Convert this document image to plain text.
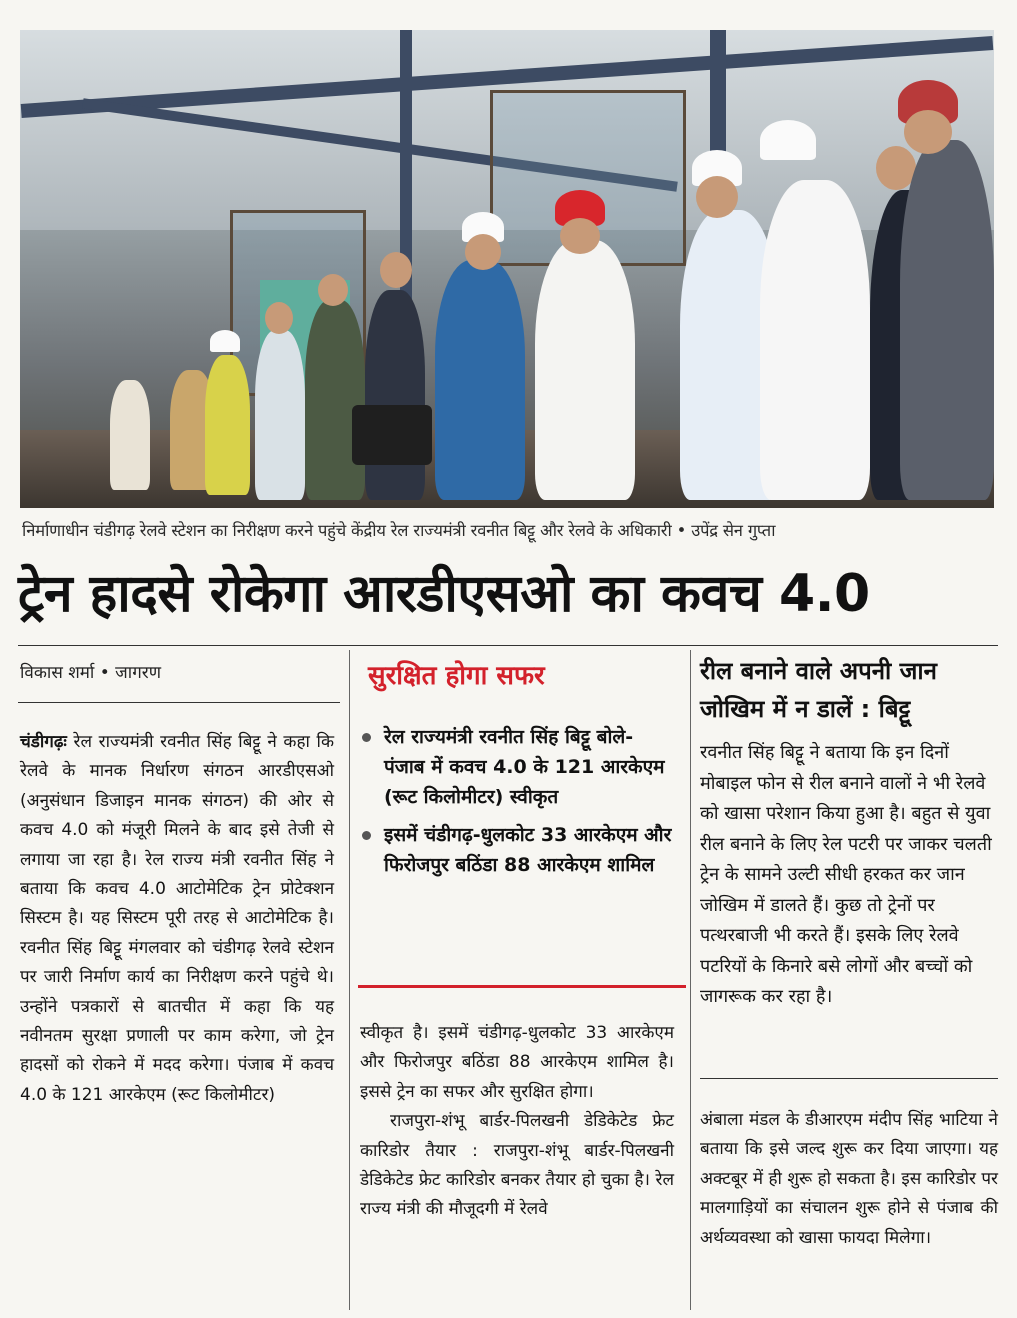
निर्माणाधीन चंडीगढ़ रेलवे स्टेशन का निरीक्षण करने पहुंचे केंद्रीय रेल राज्यमंत्री रवनीत बिट्टू और रेलवे के अधिकारी • उपेंद्र सेन गुप्ता
ट्रेन हादसे रोकेगा आरडीएसओ का कवच 4.0
विकास शर्मा • जागरण

चंडीगढ़ः रेल राज्यमंत्री रवनीत सिंह बिट्टू ने कहा कि रेलवे के मानक निर्धारण संगठन आरडीएसओ (अनुसंधान डिजाइन मानक संगठन) की ओर से कवच 4.0 को मंजूरी मिलने के बाद इसे तेजी से लगाया जा रहा है। रेल राज्य मंत्री रवनीत सिंह ने बताया कि कवच 4.0 आटोमेटिक ट्रेन प्रोटेक्शन सिस्टम है। यह सिस्टम पूरी तरह से आटोमेटिक है। रवनीत सिंह बिट्टू मंगलवार को चंडीगढ़ रेलवे स्टेशन पर जारी निर्माण कार्य का निरीक्षण करने पहुंचे थे। उन्होंने पत्रकारों से बातचीत में कहा कि यह नवीनतम सुरक्षा प्रणाली पर काम करेगा, जो ट्रेन हादसों को रोकने में मदद करेगा। पंजाब में कवच 4.0 के 121 आरकेएम (रूट किलोमीटर)

सुरक्षित होगा सफर
रेल राज्यमंत्री रवनीत सिंह बिट्टू बोले- पंजाब में कवच 4.0 के 121 आरकेएम (रूट किलोमीटर) स्वीकृत
इसमें चंडीगढ़-धुलकोट 33 आरकेएम और फिरोजपुर बठिंडा 88 आरकेएम शामिल

स्वीकृत है। इसमें चंडीगढ़-धुलकोट 33 आरकेएम और फिरोजपुर बठिंडा 88 आरकेएम शामिल है। इससे ट्रेन का सफर और सुरक्षित होगा।

राजपुरा-शंभू बार्डर-पिलखनी डेडिकेटेड फ्रेट कारिडोर तैयार : राजपुरा-शंभू बार्डर-पिलखनी डेडिकेटेड फ्रेट कारिडोर बनकर तैयार हो चुका है। रेल राज्य मंत्री की मौजूदगी में रेलवे

रील बनाने वाले अपनी जान जोखिम में न डालें : बिट्टू
रवनीत सिंह बिट्टू ने बताया कि इन दिनों मोबाइल फोन से रील बनाने वालों ने भी रेलवे को खासा परेशान किया हुआ है। बहुत से युवा रील बनाने के लिए रेल पटरी पर जाकर चलती ट्रेन के सामने उल्टी सीधी हरकत कर जान जोखिम में डालते हैं। कुछ तो ट्रेनों पर पत्थरबाजी भी करते हैं। इसके लिए रेलवे पटरियों के किनारे बसे लोगों और बच्चों को जागरूक कर रहा है।

अंबाला मंडल के डीआरएम मंदीप सिंह भाटिया ने बताया कि इसे जल्द शुरू कर दिया जाएगा। यह अक्टबूर में ही शुरू हो सकता है। इस कारिडोर पर मालगाड़ियों का संचालन शुरू होने से पंजाब की अर्थव्यवस्था को खासा फायदा मिलेगा।
